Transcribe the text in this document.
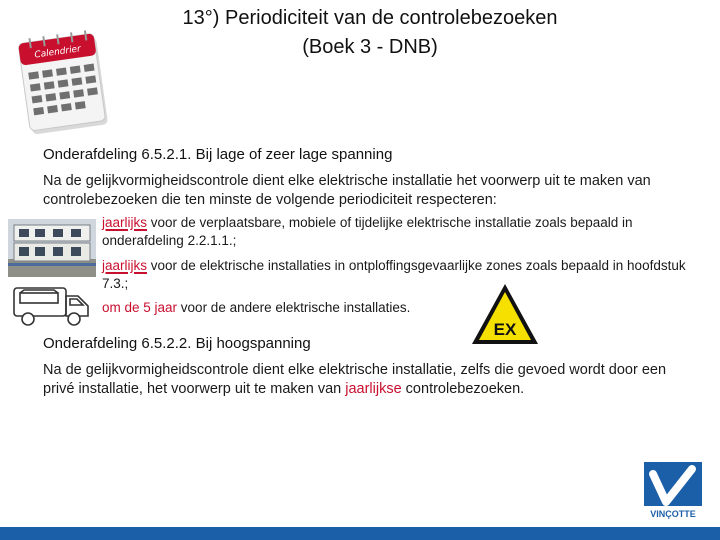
13°) Periodiciteit van de controlebezoeken
(Boek 3 - DNB)
Calendrier
Onderafdeling 6.5.2.1. Bij lage of zeer lage spanning
Na de gelijkvormigheidscontrole dient elke elektrische installatie het voorwerp uit te maken van controlebezoeken die ten minste de volgende periodiciteit respecteren:
jaarlijks voor de verplaatsbare, mobiele of tijdelijke elektrische installatie zoals bepaald in onderafdeling 2.2.1.1.;
jaarlijks voor de elektrische installaties in ontploffingsgevaarlijke zones zoals bepaald in hoofdstuk 7.3.;
om de 5 jaar voor de andere elektrische installaties.
EX
Onderafdeling 6.5.2.2. Bij hoogspanning
Na de gelijkvormigheidscontrole dient elke elektrische installatie, zelfs die gevoed wordt door een privé installatie, het voorwerp uit te maken van jaarlijkse controlebezoeken.
VINÇOTTE
